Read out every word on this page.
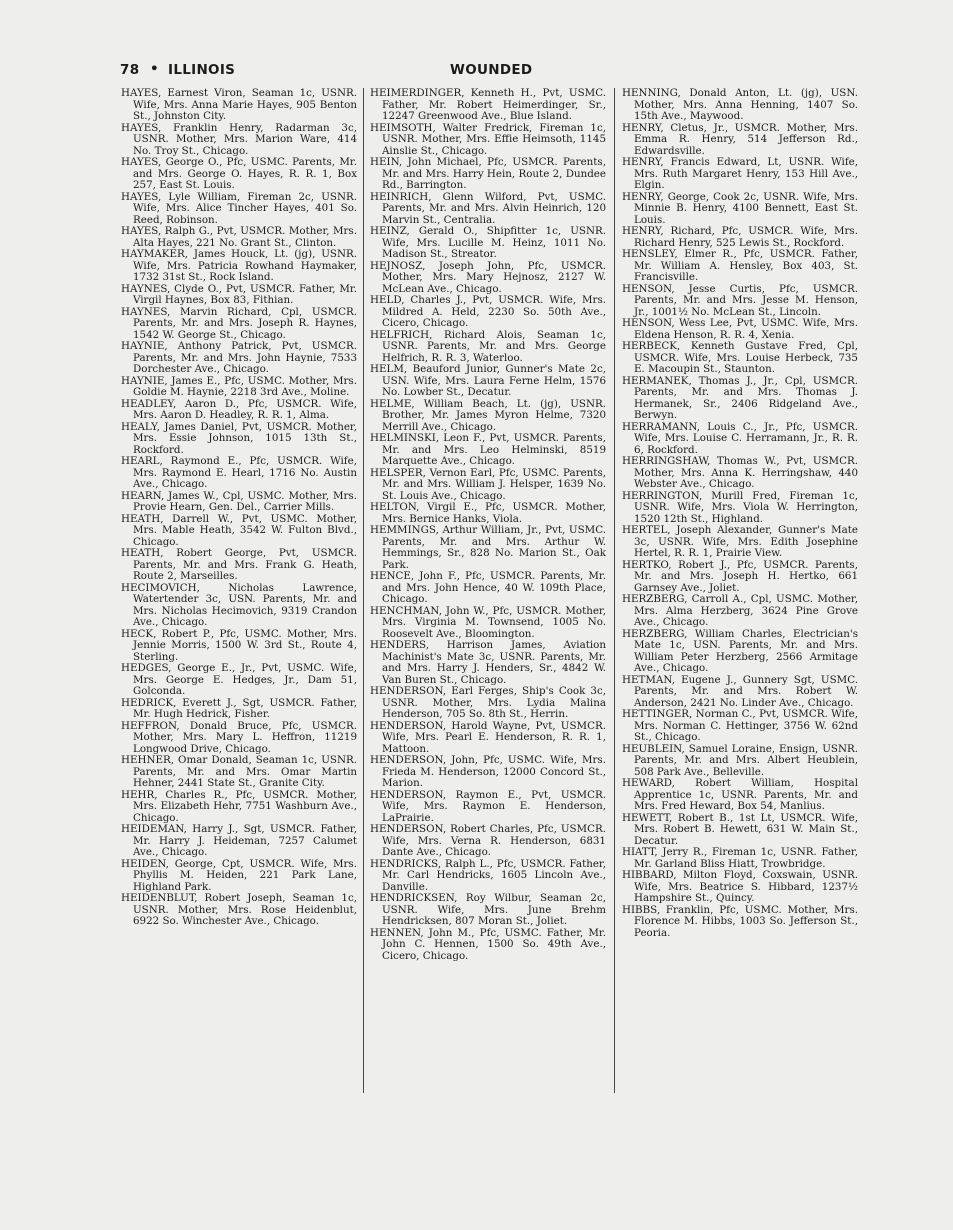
78 • ILLINOIS	WOUNDED

HAYES, Earnest Viron, Seaman 1c, USNR. Wife, Mrs. Anna Marie Hayes, 905 Benton St., Johnston City.

HAYES, Franklin Henry, Radarman 3c, USNR. Mother, Mrs. Marion Ware, 414 No. Troy St., Chicago.

HAYES, George O., Pfc, USMC. Parents, Mr. and Mrs. George O. Hayes, R. R. 1, Box 257, East St. Louis.

HAYES, Lyle William, Fireman 2c, USNR. Wife, Mrs. Alice Tincher Hayes, 401 So. Reed, Robinson.

HAYES, Ralph G., Pvt, USMCR. Mother, Mrs. Alta Hayes, 221 No. Grant St., Clinton.

HAYMAKER, James Houck, Lt. (jg), USNR. Wife, Mrs. Patricia Rowhand Haymaker, 1732 31st St., Rock Island.

HAYNES, Clyde O., Pvt, USMCR. Father, Mr. Virgil Haynes, Box 83, Fithian.

HAYNES, Marvin Richard, Cpl, USMCR. Parents, Mr. and Mrs. Joseph R. Haynes, 1542 W. George St., Chicago.

HAYNIE, Anthony Patrick, Pvt, USMCR. Parents, Mr. and Mrs. John Haynie, 7533 Dorchester Ave., Chicago.

HAYNIE, James E., Pfc, USMC. Mother, Mrs. Goldie M. Haynie, 2218 3rd Ave., Moline.

HEADLEY, Aaron D., Pfc, USMCR. Wife, Mrs. Aaron D. Headley, R. R. 1, Alma.

HEALY, James Daniel, Pvt, USMCR. Mother, Mrs. Essie Johnson, 1015 13th St., Rockford.

HEARL, Raymond E., Pfc, USMCR. Wife, Mrs. Raymond E. Hearl, 1716 No. Austin Ave., Chicago.

HEARN, James W., Cpl, USMC. Mother, Mrs. Provie Hearn, Gen. Del., Carrier Mills.

HEATH, Darrell W., Pvt, USMC. Mother, Mrs. Mable Heath, 3542 W. Fulton Blvd., Chicago.

HEATH, Robert George, Pvt, USMCR. Parents, Mr. and Mrs. Frank G. Heath, Route 2, Marseilles.

HECIMOVICH, Nicholas Lawrence, Watertender 3c, USN. Parents, Mr. and Mrs. Nicholas Hecimovich, 9319 Crandon Ave., Chicago.

HECK, Robert P., Pfc, USMC. Mother, Mrs. Jennie Morris, 1500 W. 3rd St., Route 4, Sterling.

HEDGES, George E., Jr., Pvt, USMC. Wife, Mrs. George E. Hedges, Jr., Dam 51, Golconda.

HEDRICK, Everett J., Sgt, USMCR. Father, Mr. Hugh Hedrick, Fisher.

HEFFRON, Donald Bruce, Pfc, USMCR. Mother, Mrs. Mary L. Heffron, 11219 Longwood Drive, Chicago.

HEHNER, Omar Donald, Seaman 1c, USNR. Parents, Mr. and Mrs. Omar Martin Hehner, 2441 State St., Granite City.

HEHR, Charles R., Pfc, USMCR. Mother, Mrs. Elizabeth Hehr, 7751 Washburn Ave., Chicago.

HEIDEMAN, Harry J., Sgt, USMCR. Father, Mr. Harry J. Heideman, 7257 Calumet Ave., Chicago.

HEIDEN, George, Cpt, USMCR. Wife, Mrs. Phyllis M. Heiden, 221 Park Lane, Highland Park.

HEIDENBLUT, Robert Joseph, Seaman 1c, USNR. Mother, Mrs. Rose Heidenblut, 6922 So. Winchester Ave., Chicago.

HEIMERDINGER, Kenneth H., Pvt, USMC. Father, Mr. Robert Heimerdinger, Sr., 12247 Greenwood Ave., Blue Island.

HEIMSOTH, Walter Fredrick, Fireman 1c, USNR. Mother, Mrs. Effie Heimsoth, 1145 Ainslie St., Chicago.

HEIN, John Michael, Pfc, USMCR. Parents, Mr. and Mrs. Harry Hein, Route 2, Dundee Rd., Barrington.

HEINRICH, Glenn Wilford, Pvt, USMC. Parents, Mr. and Mrs. Alvin Heinrich, 120 Marvin St., Centralia.

HEINZ, Gerald O., Shipfitter 1c, USNR. Wife, Mrs. Lucille M. Heinz, 1011 No. Madison St., Streator.

HEJNOSZ, Joseph John, Pfc, USMCR. Mother, Mrs. Mary Hejnosz, 2127 W. McLean Ave., Chicago.

HELD, Charles J., Pvt, USMCR. Wife, Mrs. Mildred A. Held, 2230 So. 50th Ave., Cicero, Chicago.

HELFRICH, Richard Alois, Seaman 1c, USNR. Parents, Mr. and Mrs. George Helfrich, R. R. 3, Waterloo.

HELM, Beauford Junior, Gunner's Mate 2c, USN. Wife, Mrs. Laura Ferne Helm, 1576 No. Lowber St., Decatur.

HELME, William Beach, Lt. (jg), USNR. Brother, Mr. James Myron Helme, 7320 Merrill Ave., Chicago.

HELMINSKI, Leon F., Pvt, USMCR. Parents, Mr. and Mrs. Leo Helminski, 8519 Marquette Ave., Chicago.

HELSPER, Vernon Earl, Pfc, USMC. Parents, Mr. and Mrs. William J. Helsper, 1639 No. St. Louis Ave., Chicago.

HELTON, Virgil E., Pfc, USMCR. Mother, Mrs. Bernice Hanks, Viola.

HEMMINGS, Arthur William, Jr., Pvt, USMC. Parents, Mr. and Mrs. Arthur W. Hemmings, Sr., 828 No. Marion St., Oak Park.

HENCE, John F., Pfc, USMCR. Parents, Mr. and Mrs. John Hence, 40 W. 109th Place, Chicago.

HENCHMAN, John W., Pfc, USMCR. Mother, Mrs. Virginia M. Townsend, 1005 No. Roosevelt Ave., Bloomington.

HENDERS, Harrison James, Aviation Machinist's Mate 3c, USNR. Parents, Mr. and Mrs. Harry J. Henders, Sr., 4842 W. Van Buren St., Chicago.

HENDERSON, Earl Ferges, Ship's Cook 3c, USNR. Mother, Mrs. Lydia Malina Henderson, 705 So. 8th St., Herrin.

HENDERSON, Harold Wayne, Pvt, USMCR. Wife, Mrs. Pearl E. Henderson, R. R. 1, Mattoon.

HENDERSON, John, Pfc, USMC. Wife, Mrs. Frieda M. Henderson, 12000 Concord St., Marion.

HENDERSON, Raymon E., Pvt, USMCR. Wife, Mrs. Raymon E. Henderson, LaPrairie.

HENDERSON, Robert Charles, Pfc, USMCR. Wife, Mrs. Verna R. Henderson, 6831 Dante Ave., Chicago.

HENDRICKS, Ralph L., Pfc, USMCR. Father, Mr. Carl Hendricks, 1605 Lincoln Ave., Danville.

HENDRICKSEN, Roy Wilbur, Seaman 2c, USNR. Wife, Mrs. June Brehm Hendricksen, 807 Moran St., Joliet.

HENNEN, John M., Pfc, USMC. Father, Mr. John C. Hennen, 1500 So. 49th Ave., Cicero, Chicago.

HENNING, Donald Anton, Lt. (jg), USN. Mother, Mrs. Anna Henning, 1407 So. 15th Ave., Maywood.

HENRY, Cletus, Jr., USMCR. Mother, Mrs. Emma R. Henry, 514 Jefferson Rd., Edwardsville.

HENRY, Francis Edward, Lt, USNR. Wife, Mrs. Ruth Margaret Henry, 153 Hill Ave., Elgin.

HENRY, George, Cook 2c, USNR. Wife, Mrs. Minnie B. Henry, 4100 Bennett, East St. Louis.

HENRY, Richard, Pfc, USMCR. Wife, Mrs. Richard Henry, 525 Lewis St., Rockford.

HENSLEY, Elmer R., Pfc, USMCR. Father, Mr. William A. Hensley, Box 403, St. Francisville.

HENSON, Jesse Curtis, Pfc, USMCR. Parents, Mr. and Mrs. Jesse M. Henson, Jr., 1001½ No. McLean St., Lincoln.

HENSON, Wess Lee, Pvt, USMC. Wife, Mrs. Eldena Henson, R. R. 4, Xenia.

HERBECK, Kenneth Gustave Fred, Cpl, USMCR. Wife, Mrs. Louise Herbeck, 735 E. Macoupin St., Staunton.

HERMANEK, Thomas J., Jr., Cpl, USMCR. Parents, Mr. and Mrs. Thomas J. Hermanek, Sr., 2406 Ridgeland Ave., Berwyn.

HERRAMANN, Louis C., Jr., Pfc, USMCR. Wife, Mrs. Louise C. Herramann, Jr., R. R. 6, Rockford.

HERRINGSHAW, Thomas W., Pvt, USMCR. Mother, Mrs. Anna K. Herringshaw, 440 Webster Ave., Chicago.

HERRINGTON, Murill Fred, Fireman 1c, USNR. Wife, Mrs. Viola W. Herrington, 1520 12th St., Highland.

HERTEL, Joseph Alexander, Gunner's Mate 3c, USNR. Wife, Mrs. Edith Josephine Hertel, R. R. 1, Prairie View.

HERTKO, Robert J., Pfc, USMCR. Parents, Mr. and Mrs. Joseph H. Hertko, 661 Garnsey Ave., Joliet.

HERZBERG, Carroll A., Cpl, USMC. Mother, Mrs. Alma Herzberg, 3624 Pine Grove Ave., Chicago.

HERZBERG, William Charles, Electrician's Mate 1c, USN. Parents, Mr. and Mrs. William Peter Herzberg, 2566 Armitage Ave., Chicago.

HETMAN, Eugene J., Gunnery Sgt, USMC. Parents, Mr. and Mrs. Robert W. Anderson, 2421 No. Linder Ave., Chicago.

HETTINGER, Norman C., Pvt, USMCR. Wife, Mrs. Norman C. Hettinger, 3756 W. 62nd St., Chicago.

HEUBLEIN, Samuel Loraine, Ensign, USNR. Parents, Mr. and Mrs. Albert Heublein, 508 Park Ave., Belleville.

HEWARD, Robert William, Hospital Apprentice 1c, USNR. Parents, Mr. and Mrs. Fred Heward, Box 54, Manlius.

HEWETT, Robert B., 1st Lt, USMCR. Wife, Mrs. Robert B. Hewett, 631 W. Main St., Decatur.

HIATT, Jerry R., Fireman 1c, USNR. Father, Mr. Garland Bliss Hiatt, Trowbridge.

HIBBARD, Milton Floyd, Coxswain, USNR. Wife, Mrs. Beatrice S. Hibbard, 1237½ Hampshire St., Quincy.

HIBBS, Franklin, Pfc, USMC. Mother, Mrs. Florence M. Hibbs, 1003 So. Jefferson St., Peoria.
